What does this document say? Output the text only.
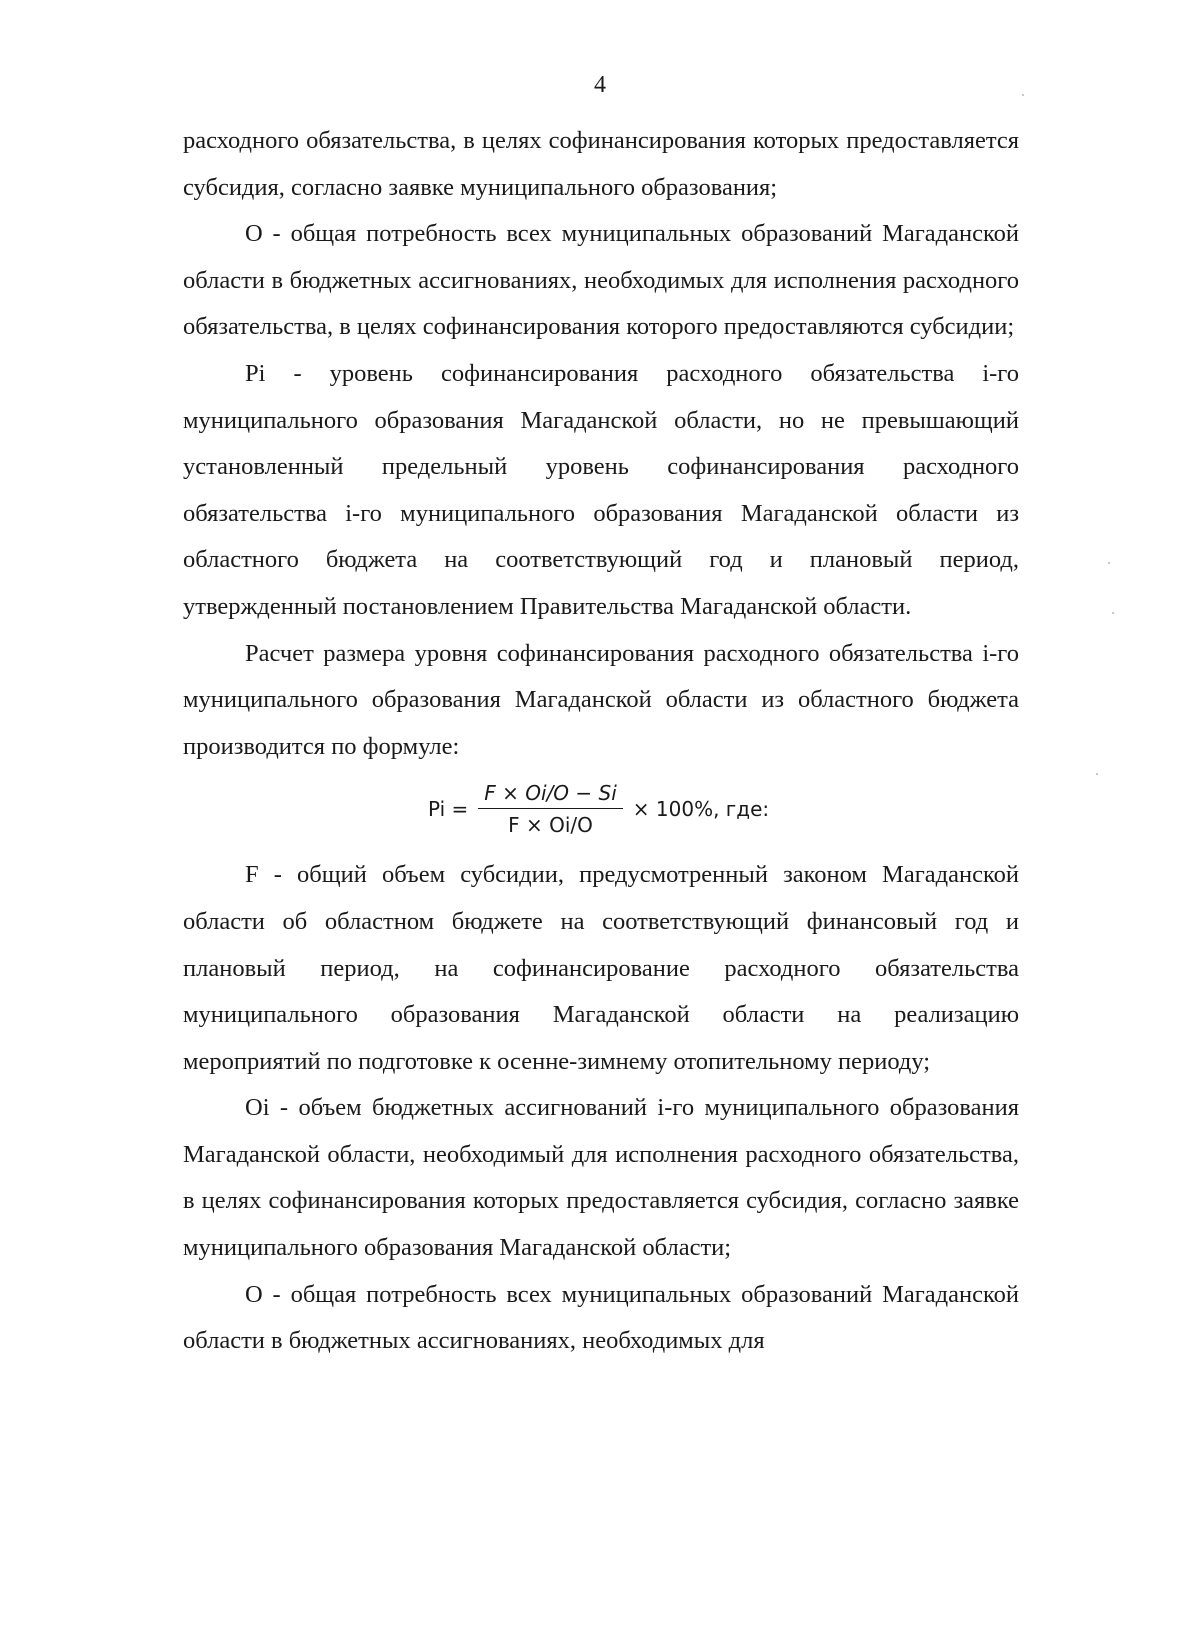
4

расходного обязательства, в целях софинансирования которых предоставляется субсидия, согласно заявке муниципального образования;

О - общая потребность всех муниципальных образований Магаданской области в бюджетных ассигнованиях, необходимых для исполнения расходного обязательства, в целях софинансирования которого предоставляются субсидии;

Pi - уровень софинансирования расходного обязательства i-го муниципального образования Магаданской области, но не превышающий установленный предельный уровень софинансирования расходного обязательства i-го муниципального образования Магаданской области из областного бюджета на соответствующий год и плановый период, утвержденный постановлением Правительства Магаданской области.

Расчет размера уровня софинансирования расходного обязательства i-го муниципального образования Магаданской области из областного бюджета производится по формуле:

$Pi = \frac{F \times Oi/O - Si}{F \times Oi/O} \times 100\%$, где:

F - общий объем субсидии, предусмотренный законом Магаданской области об областном бюджете на соответствующий финансовый год и плановый период, на софинансирование расходного обязательства муниципального образования Магаданской области на реализацию мероприятий по подготовке к осенне-зимнему отопительному периоду;

Oi - объем бюджетных ассигнований i-го муниципального образования Магаданской области, необходимый для исполнения расходного обязательства, в целях софинансирования которых предоставляется субсидия, согласно заявке муниципального образования Магаданской области;

О - общая потребность всех муниципальных образований Магаданской области в бюджетных ассигнованиях, необходимых для
